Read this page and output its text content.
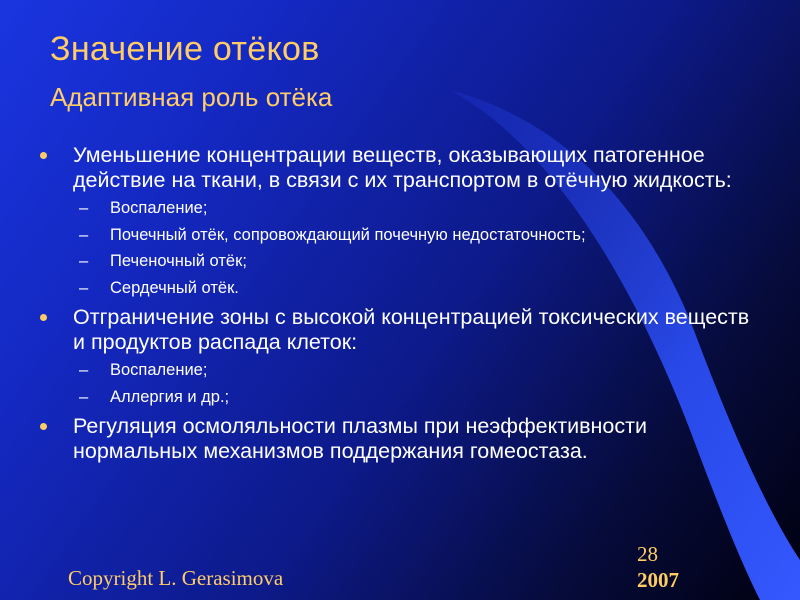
Значение отёков
Адаптивная роль отёка
Уменьшение концентрации веществ, оказывающих патогенное действие на ткани, в связи с их транспортом в отёчную жидкость:
– Воспаление;
– Почечный отёк, сопровождающий почечную недостаточность;
– Печеночный отёк;
– Сердечный отёк.
Отграничение зоны с высокой концентрацией токсических веществ и продуктов распада клеток:
– Воспаление;
– Аллергия и др.;
Регуляция осмоляльности плазмы при неэффективности нормальных механизмов поддержания гомеостаза.
28
2007
Copyright L. Gerasimova
